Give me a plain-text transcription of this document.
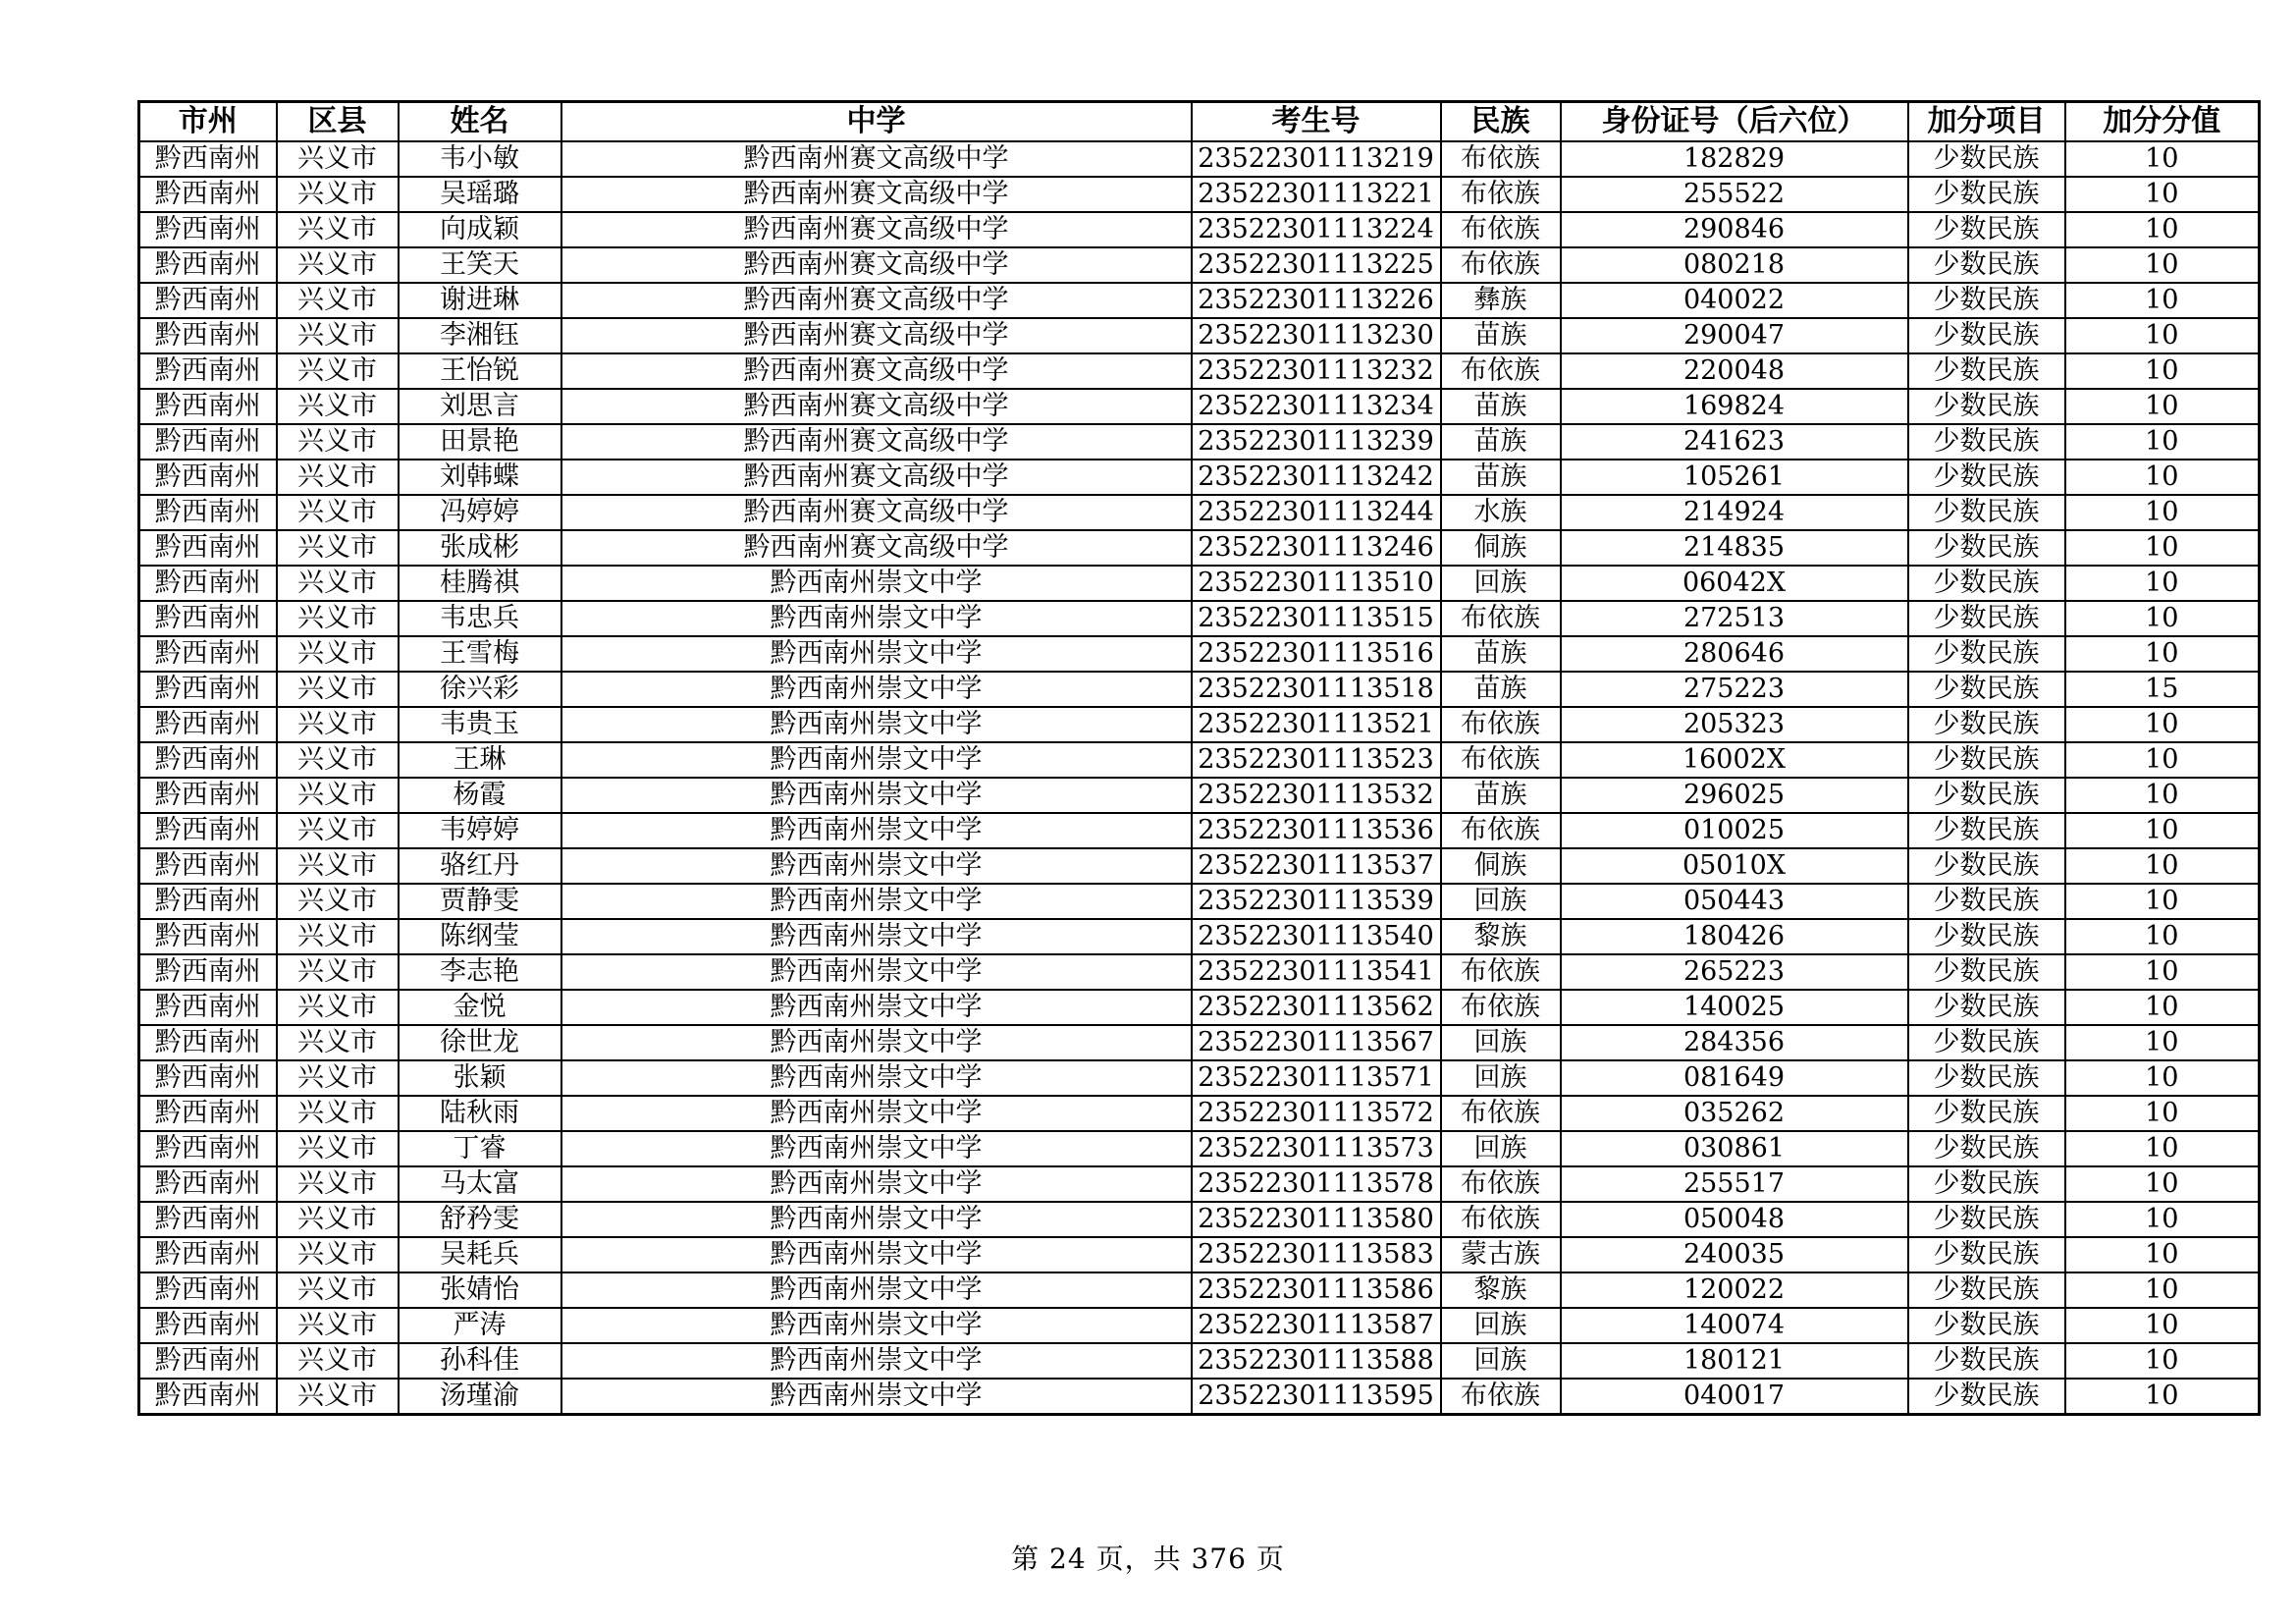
市州	区县	姓名	中学	考生号	民族	身份证号（后六位）	加分项目	加分分值
黔西南州	兴义市	韦小敏	黔西南州赛文高级中学	23522301113219	布依族	182829	少数民族	10
黔西南州	兴义市	吴瑶璐	黔西南州赛文高级中学	23522301113221	布依族	255522	少数民族	10
黔西南州	兴义市	向成颖	黔西南州赛文高级中学	23522301113224	布依族	290846	少数民族	10
黔西南州	兴义市	王笑天	黔西南州赛文高级中学	23522301113225	布依族	080218	少数民族	10
黔西南州	兴义市	谢进琳	黔西南州赛文高级中学	23522301113226	彝族	040022	少数民族	10
黔西南州	兴义市	李湘钰	黔西南州赛文高级中学	23522301113230	苗族	290047	少数民族	10
黔西南州	兴义市	王怡锐	黔西南州赛文高级中学	23522301113232	布依族	220048	少数民族	10
黔西南州	兴义市	刘思言	黔西南州赛文高级中学	23522301113234	苗族	169824	少数民族	10
黔西南州	兴义市	田景艳	黔西南州赛文高级中学	23522301113239	苗族	241623	少数民族	10
黔西南州	兴义市	刘韩蝶	黔西南州赛文高级中学	23522301113242	苗族	105261	少数民族	10
黔西南州	兴义市	冯婷婷	黔西南州赛文高级中学	23522301113244	水族	214924	少数民族	10
黔西南州	兴义市	张成彬	黔西南州赛文高级中学	23522301113246	侗族	214835	少数民族	10
黔西南州	兴义市	桂腾祺	黔西南州崇文中学	23522301113510	回族	06042X	少数民族	10
黔西南州	兴义市	韦忠兵	黔西南州崇文中学	23522301113515	布依族	272513	少数民族	10
黔西南州	兴义市	王雪梅	黔西南州崇文中学	23522301113516	苗族	280646	少数民族	10
黔西南州	兴义市	徐兴彩	黔西南州崇文中学	23522301113518	苗族	275223	少数民族	15
黔西南州	兴义市	韦贵玉	黔西南州崇文中学	23522301113521	布依族	205323	少数民族	10
黔西南州	兴义市	王琳	黔西南州崇文中学	23522301113523	布依族	16002X	少数民族	10
黔西南州	兴义市	杨霞	黔西南州崇文中学	23522301113532	苗族	296025	少数民族	10
黔西南州	兴义市	韦婷婷	黔西南州崇文中学	23522301113536	布依族	010025	少数民族	10
黔西南州	兴义市	骆红丹	黔西南州崇文中学	23522301113537	侗族	05010X	少数民族	10
黔西南州	兴义市	贾静雯	黔西南州崇文中学	23522301113539	回族	050443	少数民族	10
黔西南州	兴义市	陈纲莹	黔西南州崇文中学	23522301113540	黎族	180426	少数民族	10
黔西南州	兴义市	李志艳	黔西南州崇文中学	23522301113541	布依族	265223	少数民族	10
黔西南州	兴义市	金悦	黔西南州崇文中学	23522301113562	布依族	140025	少数民族	10
黔西南州	兴义市	徐世龙	黔西南州崇文中学	23522301113567	回族	284356	少数民族	10
黔西南州	兴义市	张颖	黔西南州崇文中学	23522301113571	回族	081649	少数民族	10
黔西南州	兴义市	陆秋雨	黔西南州崇文中学	23522301113572	布依族	035262	少数民族	10
黔西南州	兴义市	丁睿	黔西南州崇文中学	23522301113573	回族	030861	少数民族	10
黔西南州	兴义市	马太富	黔西南州崇文中学	23522301113578	布依族	255517	少数民族	10
黔西南州	兴义市	舒矜雯	黔西南州崇文中学	23522301113580	布依族	050048	少数民族	10
黔西南州	兴义市	吴耗兵	黔西南州崇文中学	23522301113583	蒙古族	240035	少数民族	10
黔西南州	兴义市	张婧怡	黔西南州崇文中学	23522301113586	黎族	120022	少数民族	10
黔西南州	兴义市	严涛	黔西南州崇文中学	23522301113587	回族	140074	少数民族	10
黔西南州	兴义市	孙科佳	黔西南州崇文中学	23522301113588	回族	180121	少数民族	10
黔西南州	兴义市	汤瑾渝	黔西南州崇文中学	23522301113595	布依族	040017	少数民族	10
第 24 页，共 376 页
